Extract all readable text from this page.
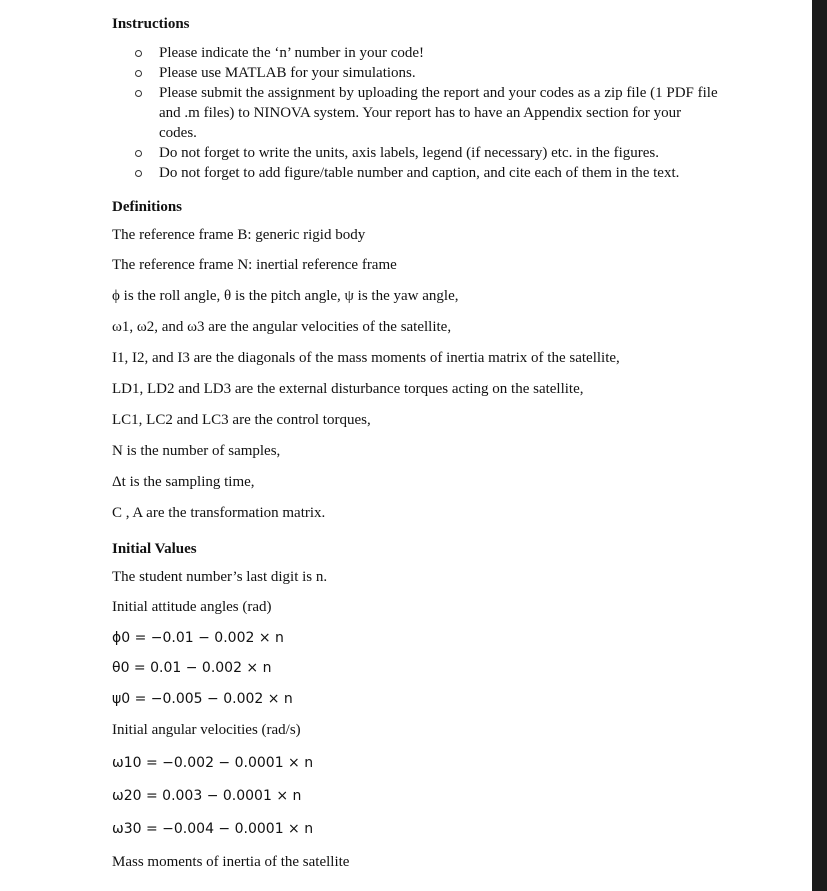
Instructions
Please indicate the ‘n’ number in your code!
Please use MATLAB for your simulations.
Please submit the assignment by uploading the report and your codes as a zip file (1 PDF file and .m files) to NINOVA system. Your report has to have an Appendix section for your codes.
Do not forget to write the units, axis labels, legend (if necessary) etc. in the figures.
Do not forget to add figure/table number and caption, and cite each of them in the text.
Definitions
The reference frame B: generic rigid body
The reference frame N: inertial reference frame
ϕ is the roll angle, θ is the pitch angle, ψ is the yaw angle,
ω1, ω2, and ω3 are the angular velocities of the satellite,
I1, I2, and I3 are the diagonals of the mass moments of inertia matrix of the satellite,
LD1, LD2 and LD3 are the external disturbance torques acting on the satellite,
LC1, LC2 and LC3 are the control torques,
N is the number of samples,
Δt is the sampling time,
C , A are the transformation matrix.
Initial Values
The student number’s last digit is n.
Initial attitude angles (rad)
ϕ0 = −0.01 − 0.002 × n
θ0 = 0.01 − 0.002 × n
ψ0 = −0.005 − 0.002 × n
Initial angular velocities (rad/s)
ω10 = −0.002 − 0.0001 × n
ω20 = 0.003 − 0.0001 × n
ω30 = −0.004 − 0.0001 × n
Mass moments of inertia of the satellite
